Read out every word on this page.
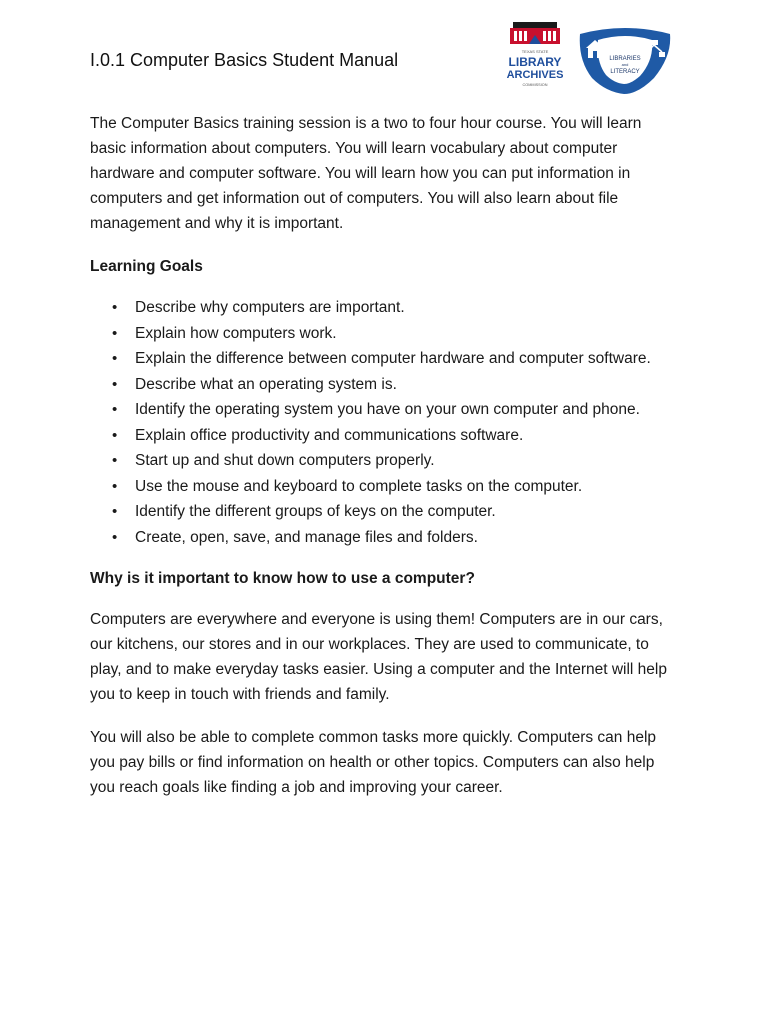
I.0.1 Computer Basics Student Manual	TEXAS STATE
LIBRARY
ARCHIVES
COMMISSION
LIBRARIES
and
LITERACY

The Computer Basics training session is a two to four hour course. You will learn basic information about computers. You will learn vocabulary about computer hardware and computer software. You will learn how you can put information in computers and get information out of computers. You will also learn about file management and why it is important.

Learning Goals
• Describe why computers are important.
• Explain how computers work.
• Explain the difference between computer hardware and computer software.
• Describe what an operating system is.
• Identify the operating system you have on your own computer and phone.
• Explain office productivity and communications software.
• Start up and shut down computers properly.
• Use the mouse and keyboard to complete tasks on the computer.
• Identify the different groups of keys on the computer.
• Create, open, save, and manage files and folders.
Why is it important to know how to use a computer?

Computers are everywhere and everyone is using them! Computers are in our cars, our kitchens, our stores and in our workplaces. They are used to communicate, to play, and to make everyday tasks easier. Using a computer and the Internet will help you to keep in touch with friends and family.

You will also be able to complete common tasks more quickly. Computers can help you pay bills or find information on health or other topics. Computers can also help you reach goals like finding a job and improving your career.
